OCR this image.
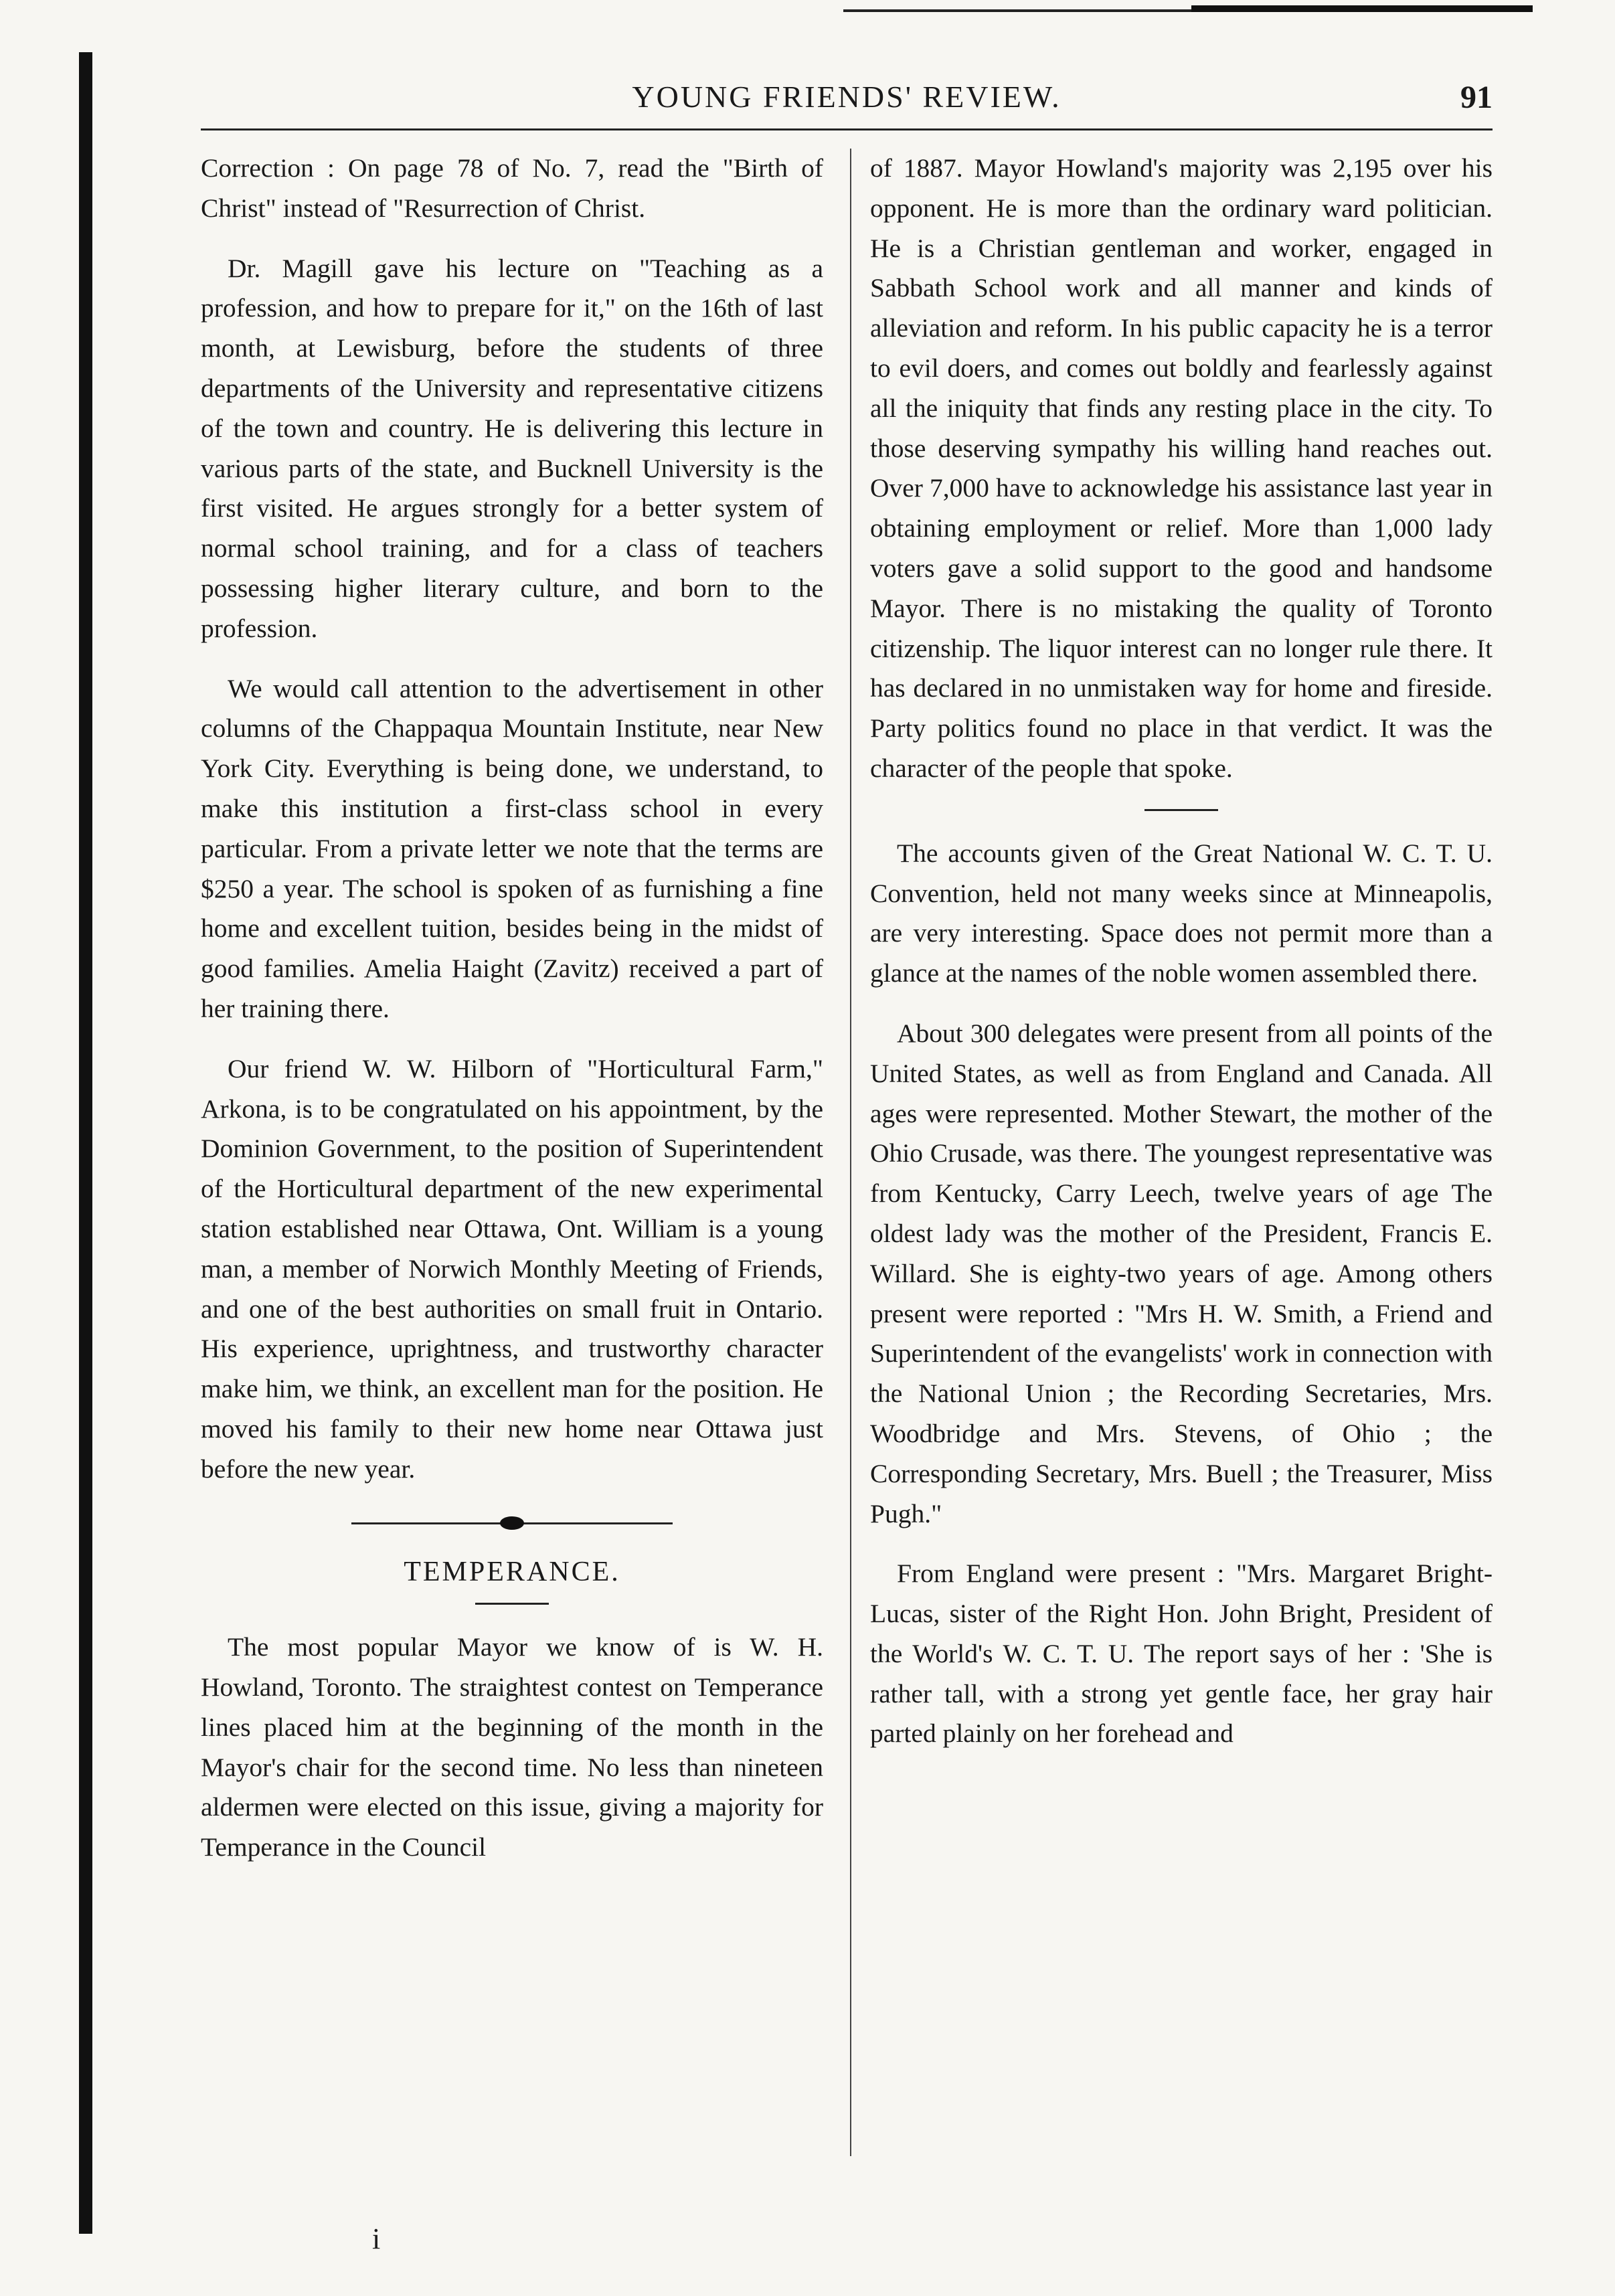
YOUNG FRIENDS' REVIEW.	91

Correction : On page 78 of No. 7, read the "Birth of Christ" instead of "Resurrection of Christ.

Dr. Magill gave his lecture on "Teaching as a profession, and how to prepare for it," on the 16th of last month, at Lewisburg, before the students of three departments of the University and representative citizens of the town and country. He is delivering this lecture in various parts of the state, and Bucknell University is the first visited. He argues strongly for a better system of normal school training, and for a class of teachers possessing higher literary culture, and born to the profession.

We would call attention to the advertisement in other columns of the Chappaqua Mountain Institute, near New York City. Everything is being done, we understand, to make this institution a first-class school in every particular. From a private letter we note that the terms are $250 a year. The school is spoken of as furnishing a fine home and excellent tuition, besides being in the midst of good families. Amelia Haight (Zavitz) received a part of her training there.

Our friend W. W. Hilborn of "Horticultural Farm," Arkona, is to be congratulated on his appointment, by the Dominion Government, to the position of Superintendent of the Horticultural department of the new experimental station established near Ottawa, Ont. William is a young man, a member of Norwich Monthly Meeting of Friends, and one of the best authorities on small fruit in Ontario. His experience, uprightness, and trustworthy character make him, we think, an excellent man for the position. He moved his family to their new home near Ottawa just before the new year.

TEMPERANCE.

The most popular Mayor we know of is W. H. Howland, Toronto. The straightest contest on Temperance lines placed him at the beginning of the month in the Mayor's chair for the second time. No less than nineteen aldermen were elected on this issue, giving a majority for Temperance in the Council

of 1887. Mayor Howland's majority was 2,195 over his opponent. He is more than the ordinary ward politician. He is a Christian gentleman and worker, engaged in Sabbath School work and all manner and kinds of alleviation and reform. In his public capacity he is a terror to evil doers, and comes out boldly and fearlessly against all the iniquity that finds any resting place in the city. To those deserving sympathy his willing hand reaches out. Over 7,000 have to acknowledge his assistance last year in obtaining employment or relief. More than 1,000 lady voters gave a solid support to the good and handsome Mayor. There is no mistaking the quality of Toronto citizenship. The liquor interest can no longer rule there. It has declared in no unmistaken way for home and fireside. Party politics found no place in that verdict. It was the character of the people that spoke.

The accounts given of the Great National W. C. T. U. Convention, held not many weeks since at Minneapolis, are very interesting. Space does not permit more than a glance at the names of the noble women assembled there.

About 300 delegates were present from all points of the United States, as well as from England and Canada. All ages were represented. Mother Stewart, the mother of the Ohio Crusade, was there. The youngest representative was from Kentucky, Carry Leech, twelve years of age The oldest lady was the mother of the President, Francis E. Willard. She is eighty-two years of age. Among others present were reported : "Mrs H. W. Smith, a Friend and Superintendent of the evangelists' work in connection with the National Union ; the Recording Secretaries, Mrs. Woodbridge and Mrs. Stevens, of Ohio ; the Corresponding Secretary, Mrs. Buell ; the Treasurer, Miss Pugh."

From England were present : "Mrs. Margaret Bright-Lucas, sister of the Right Hon. John Bright, President of the World's W. C. T. U. The report says of her : 'She is rather tall, with a strong yet gentle face, her gray hair parted plainly on her forehead and

i
